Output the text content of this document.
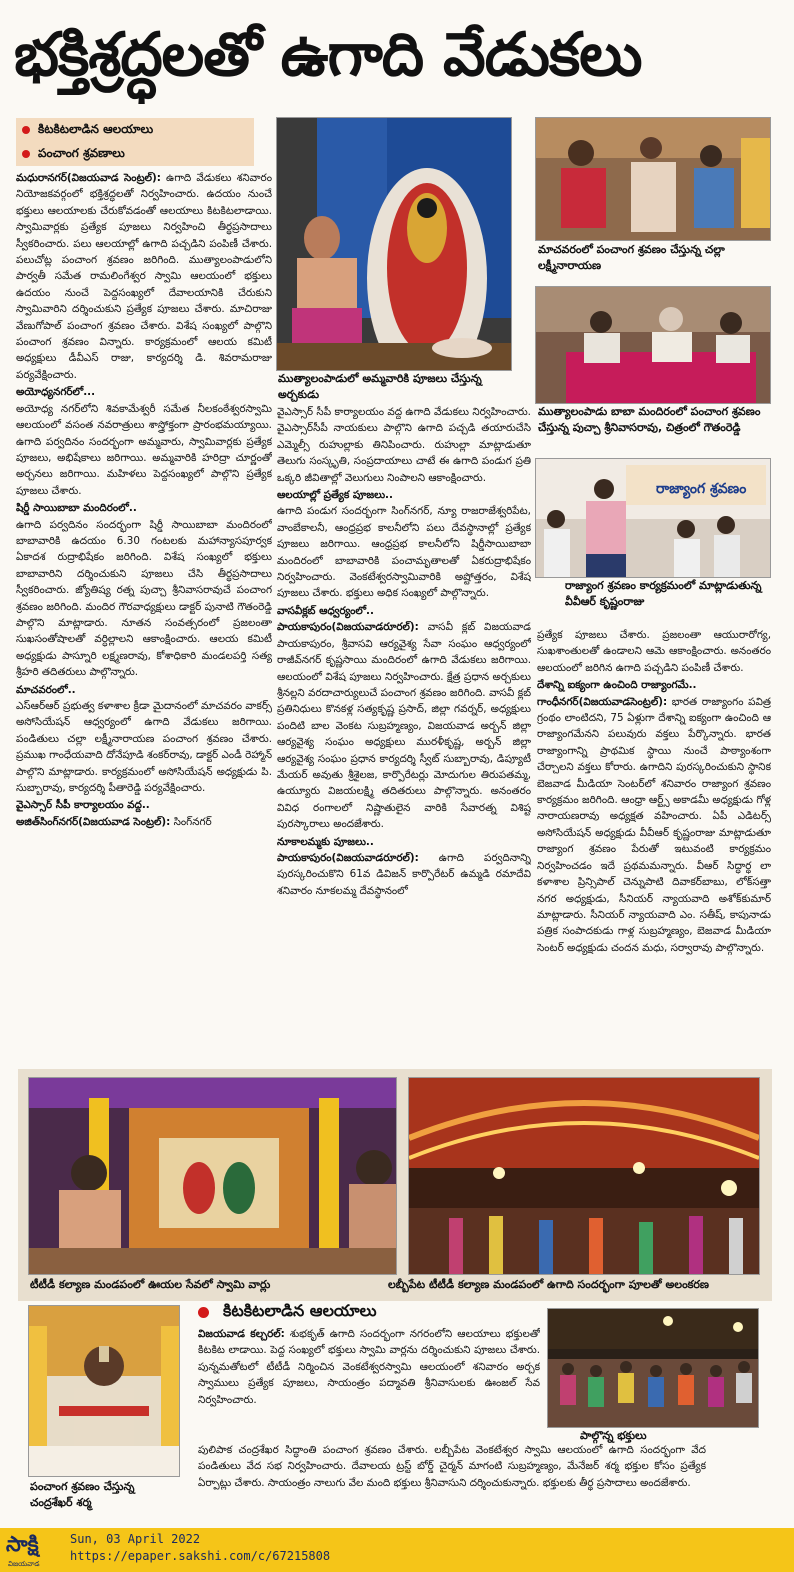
భక్తిశ్రద్ధలతో ఉగాది వేడుకలు
కిటకిటలాడిన ఆలయాలు
పంచాంగ శ్రవణాలు

మధురానగర్(విజయవాడ సెంట్రల్): ఉగాది వేడుకలు శనివారం నియోజకవర్గంలో భక్తిశ్రద్ధలతో నిర్వహించారు. ఉదయం నుంచే భక్తులు ఆలయాలకు చేరుకోవడంతో ఆలయాలు కిటకిటలాడాయి. స్వామివార్లకు ప్రత్యేక పూజలు నిర్వహించి తీర్థప్రసాదాలు స్వీకరించారు. పలు ఆలయాల్లో ఉగాది పచ్చడిని పంపిణీ చేశారు. పలుచోట్ల పంచాంగ శ్రవణం జరిగింది. ముత్యాలంపాడులోని పార్వతీ సమేత రామలింగేశ్వర స్వామి ఆలయంలో భక్తులు ఉదయం నుంచే పెద్దసంఖ్యలో దేవాలయానికి చేరుకుని స్వామివారిని దర్శించుకుని ప్రత్యేక పూజలు చేశారు. మాచిరాజు వేణుగోపాల్ పంచాంగ శ్రవణం చేశారు. విశేష సంఖ్యలో పాల్గొని పంచాంగ శ్రవణం విన్నారు. కార్యక్రమంలో ఆలయ కమిటీ అధ్యక్షులు డీవీఎస్ రాజు, కార్యదర్శి డి. శివరామరాజు పర్యవేక్షించారు.

అయోధ్యనగర్‌లో...

అయోధ్య నగర్‌లోని శివకామేశ్వరీ సమేత నీలకంఠేశ్వరస్వామి ఆలయంలో వసంత నవరాత్రులు శాస్త్రోక్తంగా ప్రారంభమయ్యాయి. ఉగాది పర్వదినం సందర్భంగా అమ్మవారు, స్వామివార్లకు ప్రత్యేక పూజలు, అభిషేకాలు జరిగాయి. అమ్మవారికి హరిద్రా చూర్ణంతో అర్చనలు జరిగాయి. మహిళలు పెద్దసంఖ్యలో పాల్గొని ప్రత్యేక పూజలు చేశారు.

షిర్డీ సాయిబాబా మందిరంలో..

ఉగాది పర్వదినం సందర్భంగా షిర్డీ సాయిబాబా మందిరంలో బాబావారికి ఉదయం 6.30 గంటలకు మహాన్యాసపూర్వక ఏకాదశ రుద్రాభిషేకం జరిగింది. విశేష సంఖ్యలో భక్తులు బాబావారిని దర్శించుకుని పూజలు చేసి తీర్థప్రసాదాలు స్వీకరించారు. జ్యోతిష్య రత్న పుచ్చా శ్రీనివాసరావుచే పంచాంగ శ్రవణం జరిగింది. మందిర గౌరవాధ్యక్షులు డాక్టర్ పునాటి గౌతంరెడ్డి పాల్గొని మాట్లాడారు. నూతన సంవత్సరంలో ప్రజలంతా సుఖసంతోషాలతో వర్ధిల్లాలని ఆకాంక్షించారు. ఆలయ కమిటీ అధ్యక్షుడు పాస్నూరి లక్ష్మణరావు, కోశాధికారి మండలపర్తి సత్య శ్రీహరి తదితరులు పాల్గొన్నారు.

మాచవరంలో..

ఎస్ఆర్ఆర్ ప్రభుత్వ కళాశాల క్రీడా మైదానంలో మాచవరం వాకర్స్ అసోసియేషన్ ఆధ్వర్యంలో ఉగాది వేడుకలు జరిగాయి. పండితులు చల్లా లక్ష్మీనారాయణ పంచాంగ శ్రవణం చేశారు. ప్రముఖ గాంధేయవాది దోనేపూడి శంకర్‌రావు, డాక్టర్ ఎండీ రెహ్మాన్ పాల్గొని మాట్లాడారు. కార్యక్రమంలో అసోసియేషన్ అధ్యక్షుడు పి. సుబ్బారావు, కార్యదర్శి పీతారెడ్డి పర్యవేక్షించారు.

వైఎస్సార్ సీపీ కార్యాలయం వద్ద..

అజిత్‌సింగ్‌నగర్(విజయవాడ సెంట్రల్): సింగ్‌నగర్

ముత్యాలంపాడులో అమ్మవారికి పూజలు చేస్తున్న అర్చకుడు

వైఎస్సార్ సీపీ కార్యాలయం వద్ద ఉగాది వేడుకలు నిర్వహించారు. వైఎస్సార్‌సీపీ నాయకులు పాల్గొని ఉగాది పచ్చడి తయారుచేసి ఎమ్మెల్సీ రుహుల్లాకు తినిపించారు. రుహుల్లా మాట్లాడుతూ తెలుగు సంస్కృతి, సంప్రదాయాలు చాటే ఈ ఉగాది పండుగ ప్రతి ఒక్కరి జీవితాల్లో వెలుగులు నింపాలని ఆకాంక్షించారు.

ఆలయాల్లో ప్రత్యేక పూజలు..

ఉగాది పండుగ సందర్భంగా సింగ్‌నగర్, న్యూ రాజరాజేశ్వరిపేట, వాంబేకాలనీ, ఆంధ్రప్రభ కాలనీలోని పలు దేవస్థానాల్లో ప్రత్యేక పూజలు జరిగాయి. ఆంధ్రప్రభ కాలనీలోని షిర్డీసాయిబాబా మందిరంలో బాబావారికి పంచామృతాలతో ఏకరుద్రాభిషేకం నిర్వహించారు. వెంకటేశ్వరస్వామివారికి అష్టోత్తరం, విశేష పూజలు చేశారు. భక్తులు అధిక సంఖ్యలో పాల్గొన్నారు.

వాసవీక్లబ్ ఆధ్వర్యంలో..

పాయకాపురం(విజయవాడరూరల్): వాసవీ క్లబ్ విజయవాడ పాయకాపురం, శ్రీవాసవి ఆర్యవైశ్య సేవా సంఘం ఆధ్వర్యంలో రాజీవ్‌నగర్ కృష్ణసాయి మందిరంలో ఉగాది వేడుకలు జరిగాయి. ఆలయంలో విశేష పూజలు నిర్వహించారు. క్షేత్ర ప్రధాన అర్చకులు శ్రీనల్లని వరదాచార్యులుచే పంచాంగ శ్రవణం జరిగింది. వాసవీ క్లబ్ ప్రతినిధులు కొనకళ్ల సత్యకృష్ణ ప్రసాద్, జిల్లా గవర్నర్, అధ్యక్షులు పందిటి బాల వెంకట సుబ్రహ్మణ్యం, విజయవాడ అర్బన్ జిల్లా ఆర్యవైశ్య సంఘం అధ్యక్షులు మురళీకృష్ణ, అర్బన్ జిల్లా ఆర్యవైశ్య సంఘం ప్రధాన కార్యదర్శి స్వీట్ సుబ్బారావు, డిప్యూటీ మేయర్ అవుతు శ్రీశైలజ, కార్పొరేటర్లు మోదుగుల తిరుపతమ్మ, ఉయ్యూరు విజయలక్ష్మి తదితరులు పాల్గొన్నారు. అనంతరం వివిధ రంగాలలో నిష్ణాతులైన వారికి సేవారత్న విశిష్ట పురస్కారాలు అందజేశారు.

నూకాలమ్మకు పూజలు..

పాయకాపురం(విజయవాడరూరల్): ఉగాది పర్వదినాన్ని పురస్కరించుకొని 61వ డివిజన్ కార్పొరేటర్ ఉమ్మడి రమాదేవి శనివారం నూకలమ్మ దేవస్థానంలో

మాచవరంలో పంచాంగ శ్రవణం చేస్తున్న చల్లా లక్ష్మీనారాయణ
ముత్యాలంపాడు బాబా మందిరంలో పంచాంగ శ్రవణం చేస్తున్న పుచ్చా శ్రీనివాసరావు, చిత్రంలో గౌతంరెడ్డి
రాజ్యాంగ శ్రవణం
రాజ్యాంగ శ్రవణం కార్యక్రమంలో మాట్లాడుతున్న వీవీఆర్ కృష్ణంరాజు

ప్రత్యేక పూజలు చేశారు. ప్రజలంతా ఆయురారోగ్య, సుఖశాంతులతో ఉండాలని ఆమె ఆకాంక్షించారు. అనంతరం ఆలయంలో జరిగిన ఉగాది పచ్చడిని పంపిణీ చేశారు.

దేశాన్ని ఐక్యంగా ఉంచింది రాజ్యాంగమే..

గాంధీనగర్(విజయవాడసెంట్రల్): భారత రాజ్యాంగం పవిత్ర గ్రంథం లాంటిదని, 75 ఏళ్లుగా దేశాన్ని ఐక్యంగా ఉంచింది ఆ రాజ్యాంగమేనని పలువురు వక్తలు పేర్కొన్నారు. భారత రాజ్యాంగాన్ని ప్రాథమిక స్థాయి నుంచే పాఠ్యాంశంగా చేర్చాలని వక్తలు కోరారు. ఉగాదిని పురస్కరించుకుని స్థానిక బెజవాడ మీడియా సెంటర్‌లో శనివారం రాజ్యాంగ శ్రవణం కార్యక్రమం జరిగింది. ఆంధ్రా ఆర్ట్స్ అకాడమీ అధ్యక్షుడు గోళ్ల నారాయణరావు అధ్యక్షత వహించారు. ఏపీ ఎడిటర్స్ అసోసియేషన్ అధ్యక్షుడు వీవీఆర్ కృష్ణంరాజు మాట్లాడుతూ రాజ్యాంగ శ్రవణం పేరుతో ఇటువంటి కార్యక్రమం నిర్వహించడం ఇదే ప్రథమమన్నారు. వీఆర్ సిద్ధార్థ లా కళాశాల ప్రిన్సిపాల్ చెన్నుపాటి దివాకర్‌బాబు, లోక్‌సత్తా నగర అధ్యక్షుడు, సీనియర్ న్యాయవాది అశోక్‌కుమార్ మాట్లాడారు. సీనియర్ న్యాయవాది ఎం. సతీష్, కాపునాడు పత్రిక సంపాదకుడు గాళ్ల సుబ్రహ్మణ్యం, బెజవాడ మీడియా సెంటర్ అధ్యక్షుడు చందన మధు, సర్వారావు పాల్గొన్నారు.

టీటీడీ కల్యాణ మండపంలో ఊయల సేవలో స్వామి వార్లు	లబ్బీపేట టీటీడీ కల్యాణ మండపంలో ఉగాది సందర్భంగా పూలతో అలంకరణ
పంచాంగ శ్రవణం చేస్తున్న చంద్రశేఖర్ శర్మ
కిటకిటలాడిన ఆలయాలు

విజయవాడ కల్చరల్: శుభకృత్ ఉగాది సందర్భంగా నగరంలోని ఆలయాలు భక్తులతో కిటకిట లాడాయి. పెద్ద సంఖ్యలో భక్తులు స్వామి వార్లను దర్శించుకుని పూజలు చేశారు. పున్నమతోటలో టీటీడీ నిర్మించిన వెంకటేశ్వరస్వామి ఆలయంలో శనివారం అర్చక స్వాములు ప్రత్యేక పూజలు, సాయంత్రం పద్మావతి శ్రీనివాసులకు ఊంజల్ సేవ నిర్వహించారు.

పులిపాక చంద్రశేఖర సిద్ధాంతి పంచాంగ శ్రవణం చేశారు. లబ్బీపేట వెంకటేశ్వర స్వామి ఆలయంలో ఉగాది సందర్భంగా వేద పండితులు వేద సభ నిర్వహించారు. దేవాలయ ట్రస్ట్ బోర్డ్ చైర్మన్ మాగంటి సుబ్రహ్మణ్యం, మేనేజర్ శర్మ భక్తుల కోసం ప్రత్యేక ఏర్పాట్లు చేశారు. సాయంత్రం నాలుగు వేల మంది భక్తులు శ్రీనివాసుని దర్శించుకున్నారు. భక్తులకు తీర్థ ప్రసాదాలు అందజేశారు.

పాల్గొన్న భక్తులు
సాక్షి
విజయవాడ
Sun, 03 April 2022
https://epaper.sakshi.com/c/67215808
